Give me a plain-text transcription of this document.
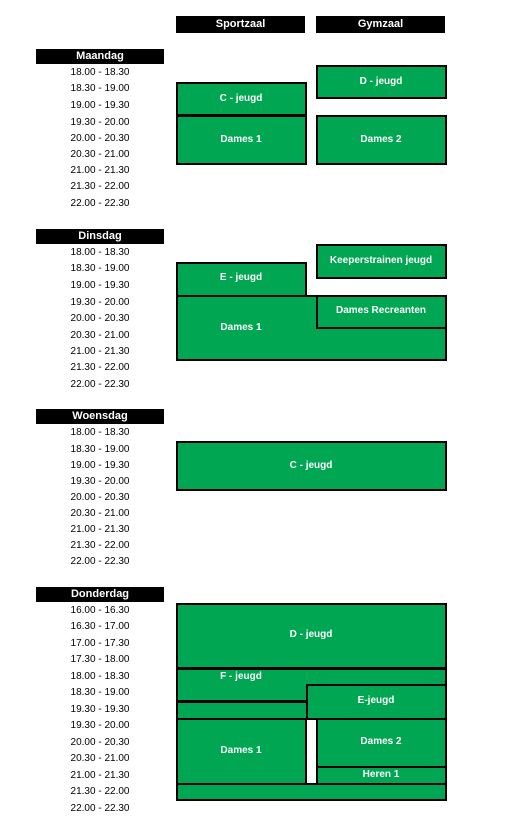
Sportzaal	Gymzaal
Maandag
18.00 - 18.30
18.30 - 19.00
19.00 - 19.30
19.30 - 20.00
20.00 - 20.30
20.30 - 21.00
21.00 - 21.30
21.30 - 22.00
22.00 - 22.30
C - jeugd
Dames 1
D - jeugd
Dames 2
Dinsdag
18.00 - 18.30
18.30 - 19.00
19.00 - 19.30
19.30 - 20.00
20.00 - 20.30
20.30 - 21.00
21.00 - 21.30
21.30 - 22.00
22.00 - 22.30
Keeperstrainen jeugd
E - jeugd
Dames Recreanten
Dames 1
Woensdag
18.00 - 18.30
18.30 - 19.00
19.00 - 19.30
19.30 - 20.00
20.00 - 20.30
20.30 - 21.00
21.00 - 21.30
21.30 - 22.00
22.00 - 22.30
C - jeugd
Donderdag
16.00 - 16.30
16.30 - 17.00
17.00 - 17.30
17.30 - 18.00
18.00 - 18.30
18.30 - 19.00
19.30 - 19.30
19.30 - 20.00
20.00 - 20.30
20.30 - 21.00
21.00 - 21.30
21.30 - 22.00
22.00 - 22.30
D - jeugd
F - jeugd
E-jeugd
Dames 1
Dames 2
Heren 1
